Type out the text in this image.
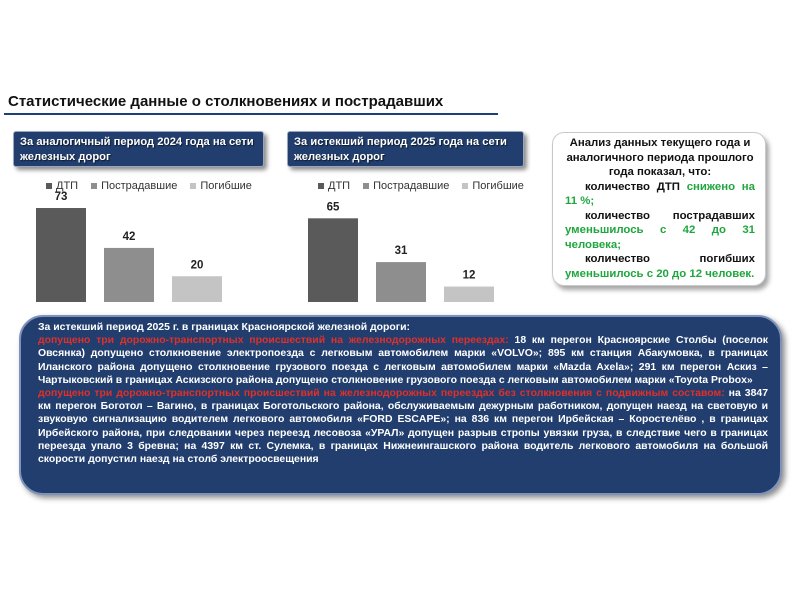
Статистические данные о столкновениях и пострадавших
За аналогичный период 2024 года на сети железных дорог
За истекший период 2025 года на сети железных дорог
ДТП Пострадавшие Погибшие
73
42
20
ДТП Пострадавшие Погибшие
65
31
12

Анализ данных текущего года и аналогичного периода прошлого года показал, что:

количество ДТП снижено на 11 %;

количество пострадавших уменьшилось с 42 до 31 человека;

количество погибших уменьшилось с 20 до 12 человек.

За истекший период 2025 г. в границах Красноярской железной дороги:

допущено три дорожно-транспортных происшествий на железнодорожных переездах: 18 км перегон Красноярские Столбы (поселок Овсянка) допущено столкновение электропоезда с легковым автомобилем марки «VOLVO»; 895 км станция Абакумовка, в границах Иланского района допущено столкновение грузового поезда с легковым автомобилем марки «Mazda Axela»; 291 км перегон Аскиз – Чартыковский в границах Аскизского района допущено столкновение грузового поезда с легковым автомобилем марки «Toyota Probox»

допущено три дорожно-транспортных происшествий на железнодорожных переездах без столкновения с подвижным составом: на 3847 км перегон Боготол – Вагино, в границах Боготольского района, обслуживаемым дежурным работником, допущен наезд на световую и звуковую сигнализацию водителем легкового автомобиля «FORD ESCAPE»; на 836 км перегон Ирбейская – Коростелёво , в границах Ирбейского района, при следовании через переезд лесовоза «УРАЛ» допущен разрыв стропы увязки груза, в следствие чего в границах переезда упало 3 бревна; на 4397 км ст. Сулемка, в границах Нижнеингашского района водитель легкового автомобиля на большой скорости допустил наезд на столб электроосвещения
